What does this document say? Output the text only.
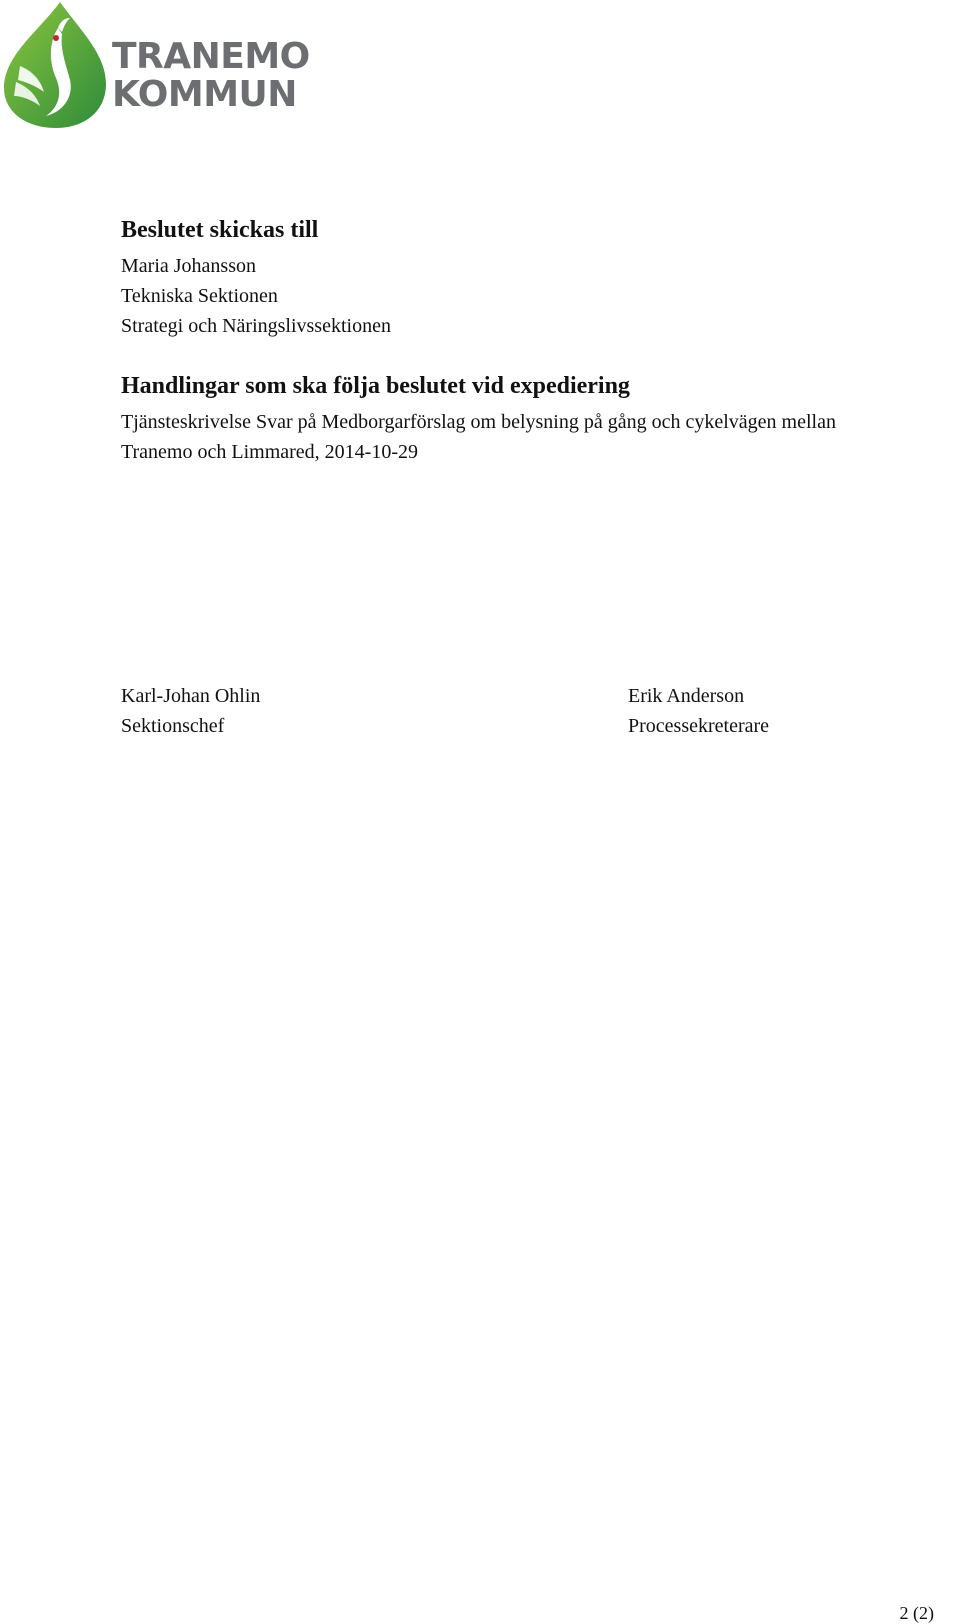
TRANEMO
KOMMUN
Beslutet skickas till
Maria Johansson
Tekniska Sektionen
Strategi och Näringslivssektionen
Handlingar som ska följa beslutet vid expediering
Tjänsteskrivelse Svar på Medborgarförslag om belysning på gång och cykelvägen mellan
Tranemo och Limmared, 2014-10-29
Karl-Johan Ohlin
Sektionschef
Erik Anderson
Processekreterare
2 (2)
